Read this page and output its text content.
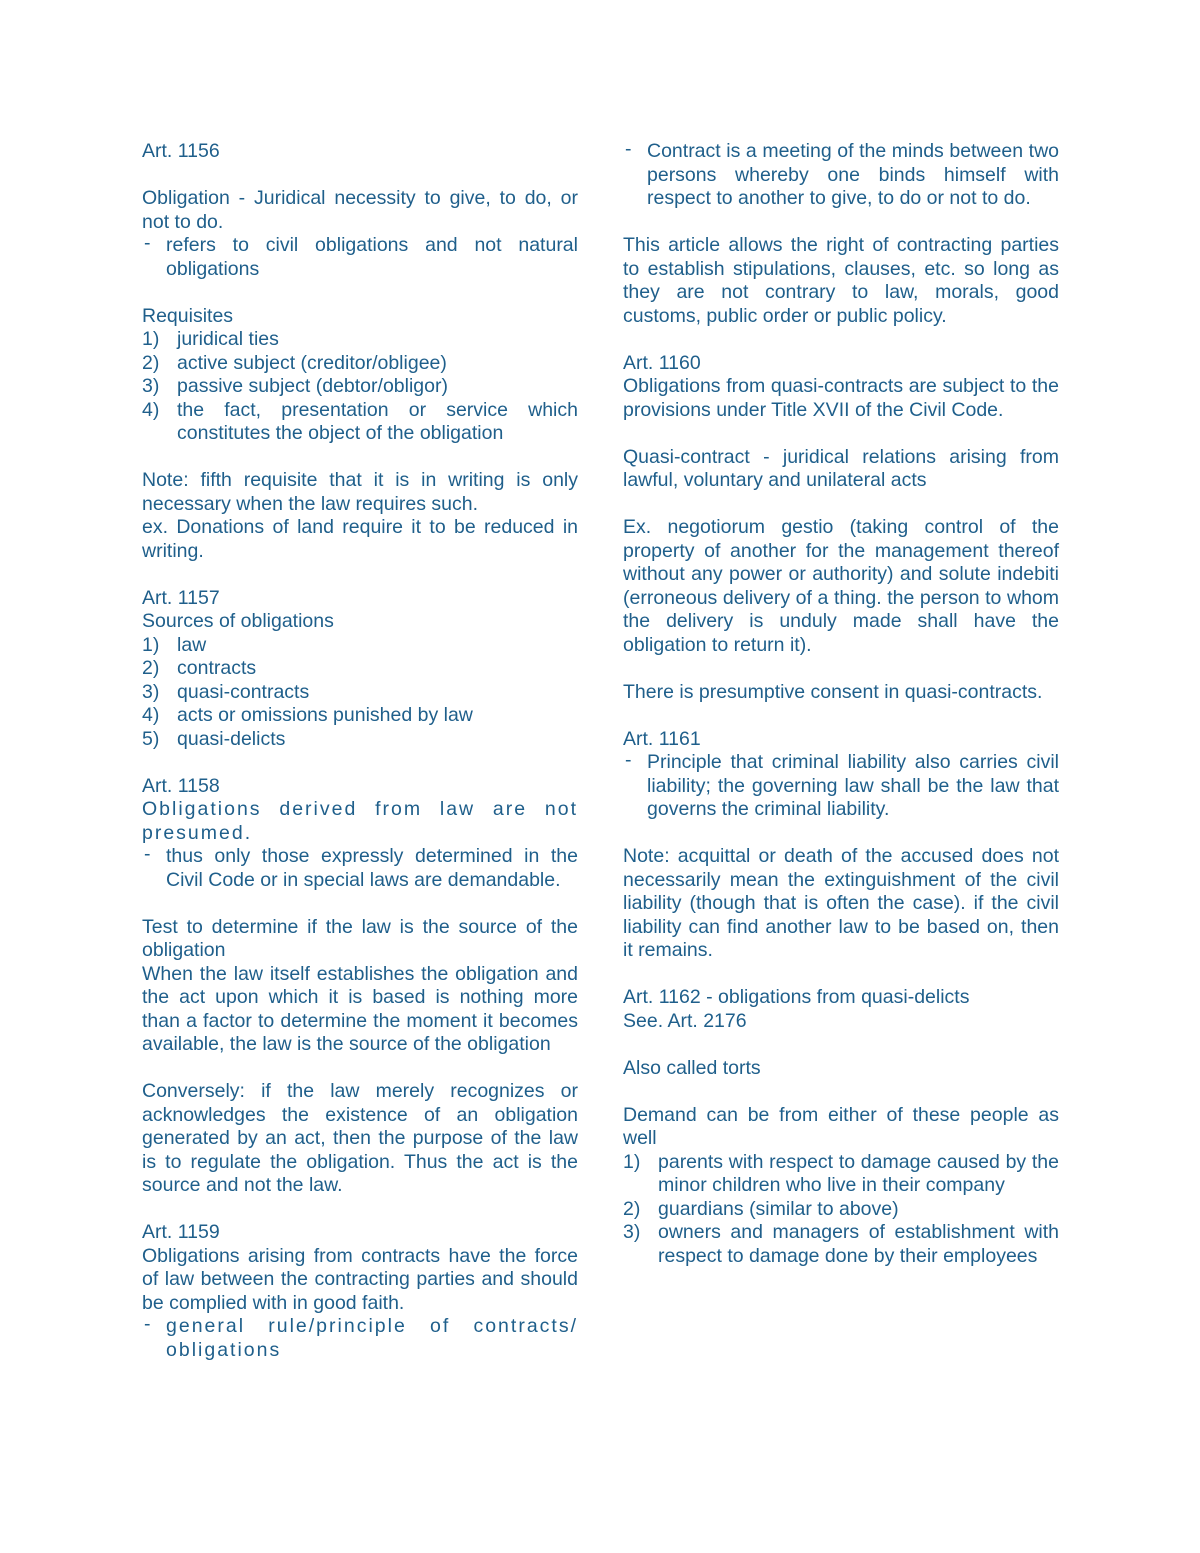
Art. 1156

Obligation - Juridical necessity to give, to do, or not to do.

- refers to civil obligations and not natural obligations

Requisites

1) juridical ties

2) active subject (creditor/obligee)

3) passive subject (debtor/obligor)

4) the fact, presentation or service which constitutes the object of the obligation

Note: fifth requisite that it is in writing is only necessary when the law requires such.

ex. Donations of land require it to be reduced in writing.

Art. 1157

Sources of obligations

1) law

2) contracts

3) quasi-contracts

4) acts or omissions punished by law

5) quasi-delicts

Art. 1158

Obligations derived from law are not presumed.

- thus only those expressly determined in the Civil Code or in special laws are demandable.

Test to determine if the law is the source of the obligation

When the law itself establishes the obligation and the act upon which it is based is nothing more than a factor to determine the moment it becomes available, the law is the source of the obligation

Conversely: if the law merely recognizes or acknowledges the existence of an obligation generated by an act, then the purpose of the law is to regulate the obligation. Thus the act is the source and not the law.

Art. 1159

Obligations arising from contracts have the force of law between the contracting parties and should be complied with in good faith.

- general rule/principle of contracts/ obligations

- Contract is a meeting of the minds between two persons whereby one binds himself with respect to another to give, to do or not to do.

This article allows the right of contracting parties to establish stipulations, clauses, etc. so long as they are not contrary to law, morals, good customs, public order or public policy.

Art. 1160

Obligations from quasi-contracts are subject to the provisions under Title XVII of the Civil Code.

Quasi-contract - juridical relations arising from lawful, voluntary and unilateral acts

Ex. negotiorum gestio (taking control of the property of another for the management thereof without any power or authority) and solute indebiti (erroneous delivery of a thing. the person to whom the delivery is unduly made shall have the obligation to return it).

There is presumptive consent in quasi-contracts.

Art. 1161

- Principle that criminal liability also carries civil liability; the governing law shall be the law that governs the criminal liability.

Note: acquittal or death of the accused does not necessarily mean the extinguishment of the civil liability (though that is often the case). if the civil liability can find another law to be based on, then it remains.

Art. 1162 - obligations from quasi-delicts

See. Art. 2176

Also called torts

Demand can be from either of these people as well

1) parents with respect to damage caused by the minor children who live in their company

2) guardians (similar to above)

3) owners and managers of establishment with respect to damage done by their employees
